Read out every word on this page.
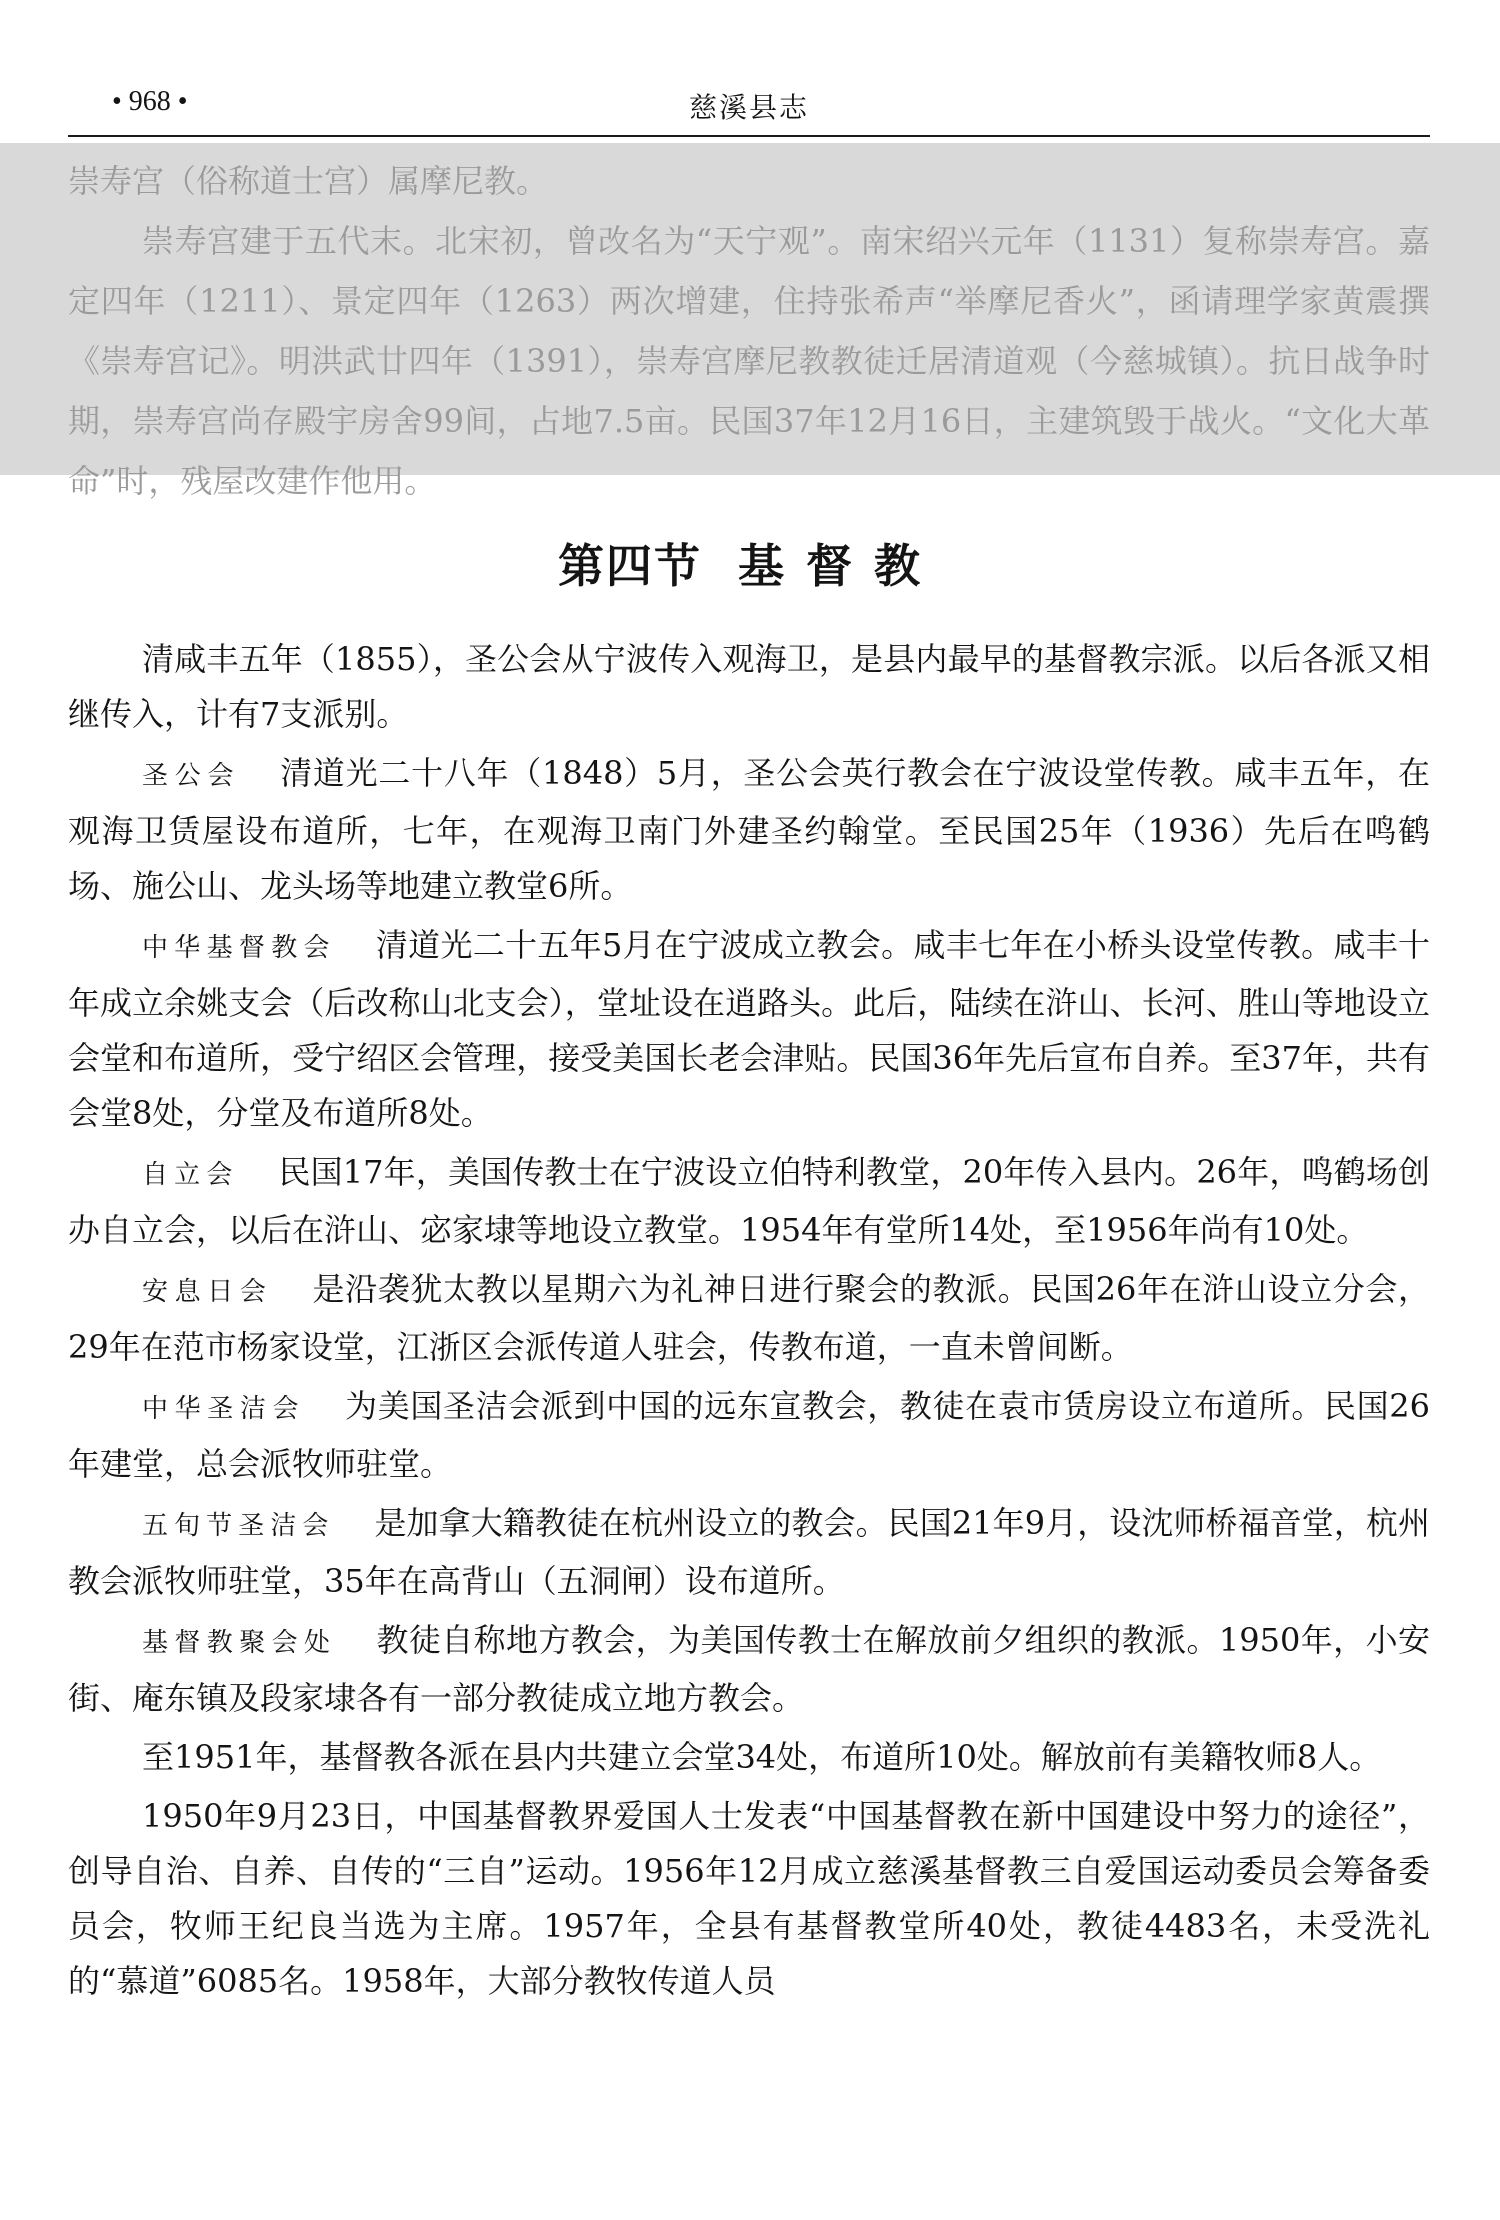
• 968 •	慈溪县志

崇寿宫（俗称道士宫）属摩尼教。

崇寿宫建于五代末。北宋初，曾改名为“天宁观”。南宋绍兴元年（1131）复称崇寿宫。嘉定四年（1211）、景定四年（1263）两次增建，住持张希声“举摩尼香火”，函请理学家黄震撰《崇寿宫记》。明洪武廿四年（1391），崇寿宫摩尼教教徒迁居清道观（今慈城镇）。抗日战争时期，崇寿宫尚存殿宇房舍99间，占地7.5亩。民国37年12月16日，主建筑毁于战火。“文化大革命”时，残屋改建作他用。

第四节 基督教

清咸丰五年（1855），圣公会从宁波传入观海卫，是县内最早的基督教宗派。以后各派又相继传入，计有7支派别。

圣公会 清道光二十八年（1848）5月，圣公会英行教会在宁波设堂传教。咸丰五年，在观海卫赁屋设布道所，七年，在观海卫南门外建圣约翰堂。至民国25年（1936）先后在鸣鹤场、施公山、龙头场等地建立教堂6所。

中华基督教会 清道光二十五年5月在宁波成立教会。咸丰七年在小桥头设堂传教。咸丰十年成立余姚支会（后改称山北支会），堂址设在逍路头。此后，陆续在浒山、长河、胜山等地设立会堂和布道所，受宁绍区会管理，接受美国长老会津贴。民国36年先后宣布自养。至37年，共有会堂8处，分堂及布道所8处。

自立会 民国17年，美国传教士在宁波设立伯特利教堂，20年传入县内。26年，鸣鹤场创办自立会，以后在浒山、宓家埭等地设立教堂。1954年有堂所14处，至1956年尚有10处。

安息日会 是沿袭犹太教以星期六为礼神日进行聚会的教派。民国26年在浒山设立分会，29年在范市杨家设堂，江浙区会派传道人驻会，传教布道，一直未曾间断。

中华圣洁会 为美国圣洁会派到中国的远东宣教会，教徒在袁市赁房设立布道所。民国26年建堂，总会派牧师驻堂。

五旬节圣洁会 是加拿大籍教徒在杭州设立的教会。民国21年9月，设沈师桥福音堂，杭州教会派牧师驻堂，35年在高背山（五洞闸）设布道所。

基督教聚会处 教徒自称地方教会，为美国传教士在解放前夕组织的教派。1950年，小安街、庵东镇及段家埭各有一部分教徒成立地方教会。

至1951年，基督教各派在县内共建立会堂34处，布道所10处。解放前有美籍牧师8人。

1950年9月23日，中国基督教界爱国人士发表“中国基督教在新中国建设中努力的途径”，创导自治、自养、自传的“三自”运动。1956年12月成立慈溪基督教三自爱国运动委员会筹备委员会，牧师王纪良当选为主席。1957年，全县有基督教堂所40处，教徒4483名，未受洗礼的“慕道”6085名。1958年，大部分教牧传道人员
